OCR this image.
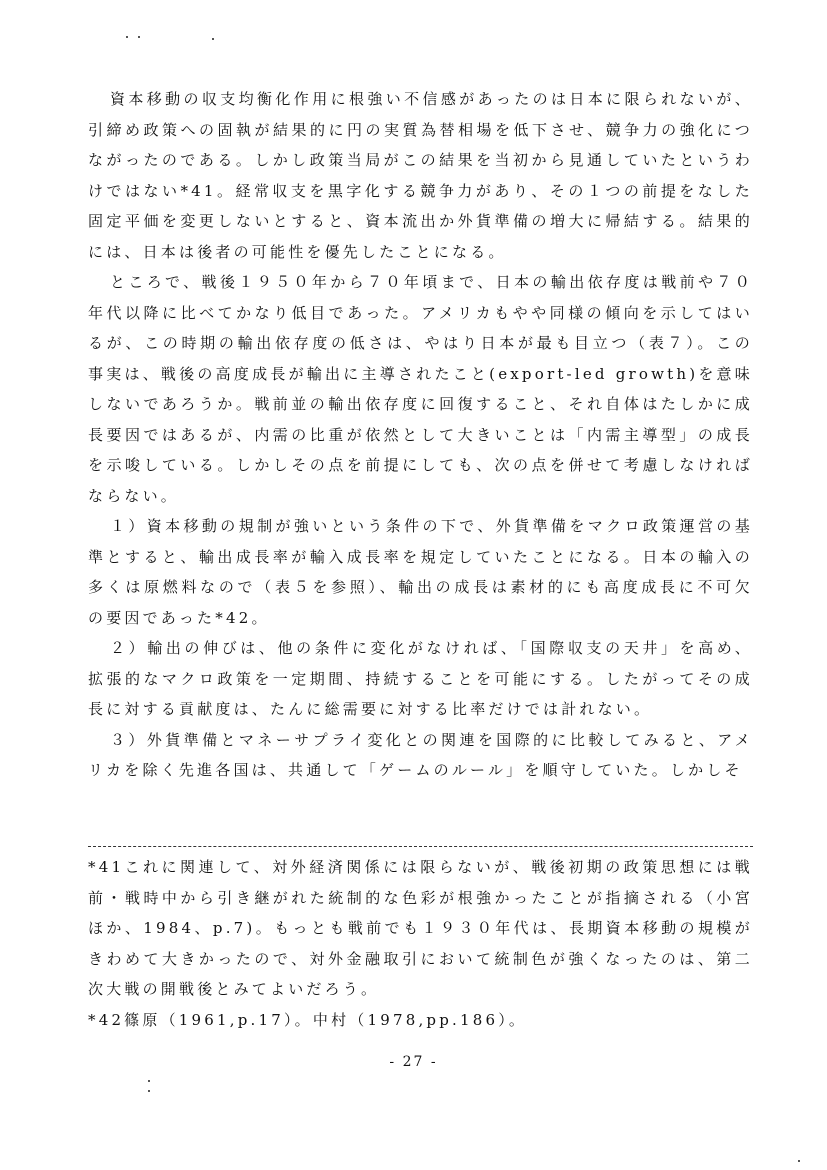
資本移動の収支均衡化作用に根強い不信感があったのは日本に限られないが、引締め政策への固執が結果的に円の実質為替相場を低下させ、競争力の強化につながったのである。しかし政策当局がこの結果を当初から見通していたというわけではない*41。経常収支を黒字化する競争力があり、その１つの前提をなした固定平価を変更しないとすると、資本流出か外貨準備の増大に帰結する。結果的には、日本は後者の可能性を優先したことになる。

ところで、戦後１９５０年から７０年頃まで、日本の輸出依存度は戦前や７０年代以降に比べてかなり低目であった。アメリカもやや同様の傾向を示してはいるが、この時期の輸出依存度の低さは、やはり日本が最も目立つ（表７）。この事実は、戦後の高度成長が輸出に主導されたこと(export-led growth)を意味しないであろうか。戦前並の輸出依存度に回復すること、それ自体はたしかに成長要因ではあるが、内需の比重が依然として大きいことは「内需主導型」の成長を示唆している。しかしその点を前提にしても、次の点を併せて考慮しなければならない。

１）資本移動の規制が強いという条件の下で、外貨準備をマクロ政策運営の基準とすると、輸出成長率が輸入成長率を規定していたことになる。日本の輸入の多くは原燃料なので（表５を参照）、輸出の成長は素材的にも高度成長に不可欠の要因であった*42。

２）輸出の伸びは、他の条件に変化がなければ、「国際収支の天井」を高め、拡張的なマクロ政策を一定期間、持続することを可能にする。したがってその成長に対する貢献度は、たんに総需要に対する比率だけでは計れない。

３）外貨準備とマネーサプライ変化との関連を国際的に比較してみると、アメリカを除く先進各国は、共通して「ゲームのルール」を順守していた。しかしそ

*41これに関連して、対外経済関係には限らないが、戦後初期の政策思想には戦前・戦時中から引き継がれた統制的な色彩が根強かったことが指摘される（小宮ほか、1984、p.7)。もっとも戦前でも１９３０年代は、長期資本移動の規模がきわめて大きかったので、対外金融取引において統制色が強くなったのは、第二次大戦の開戦後とみてよいだろう。

*42篠原（1961,p.17）。中村（1978,pp.186）。

- 27 -
